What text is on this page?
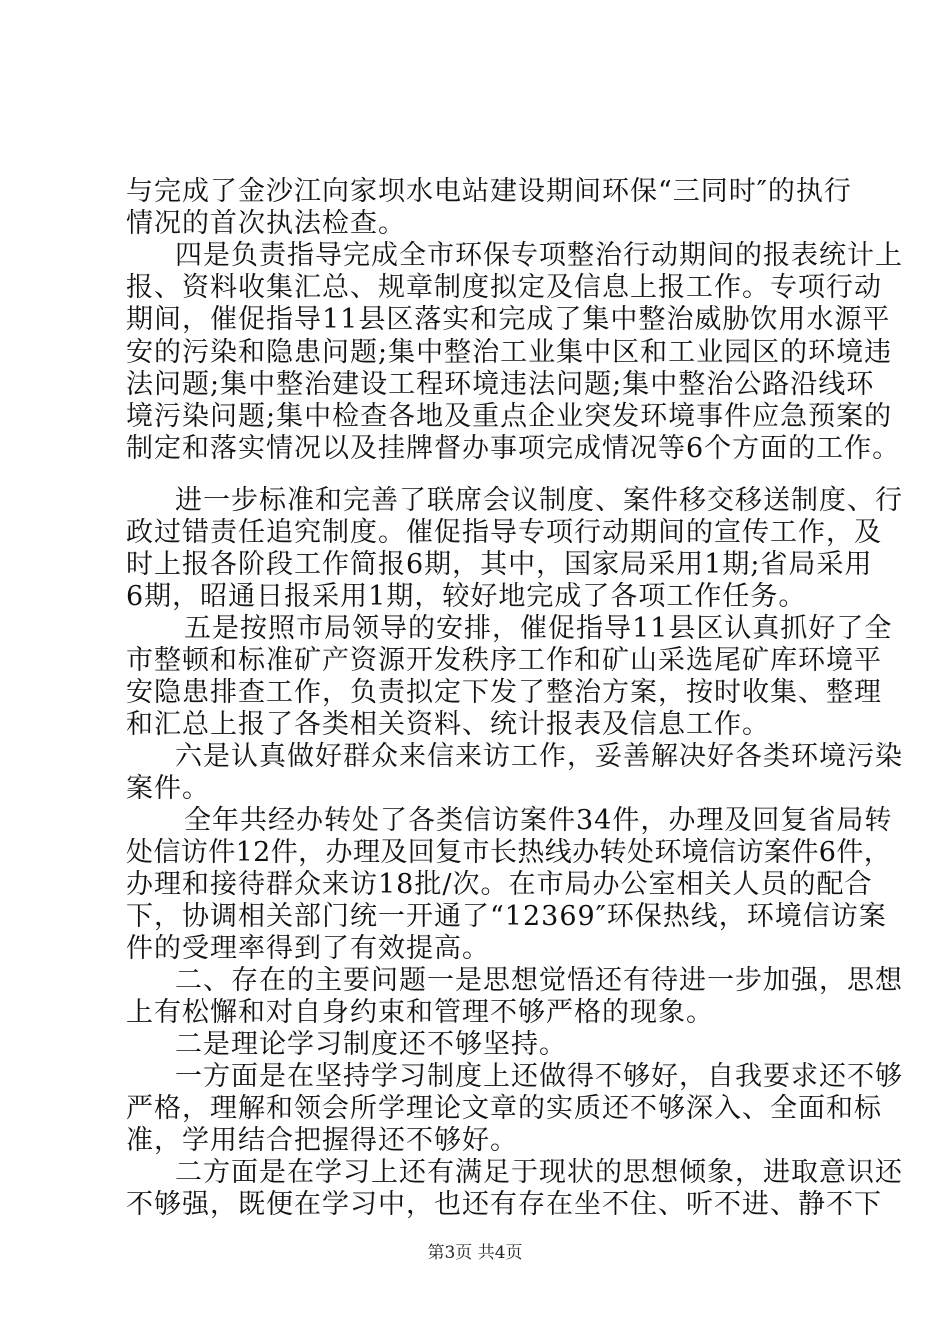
与完成了金沙江向家坝水电站建设期间环保“三同时″的执行
情况的首次执法检查。
四是负责指导完成全市环保专项整治行动期间的报表统计上
报、资料收集汇总、规章制度拟定及信息上报工作。专项行动
期间，催促指导11县区落实和完成了集中整治威胁饮用水源平
安的污染和隐患问题;集中整治工业集中区和工业园区的环境违
法问题;集中整治建设工程环境违法问题;集中整治公路沿线环
境污染问题;集中检查各地及重点企业突发环境事件应急预案的
制定和落实情况以及挂牌督办事项完成情况等6个方面的工作。
进一步标准和完善了联席会议制度、案件移交移送制度、行
政过错责任追究制度。催促指导专项行动期间的宣传工作，及
时上报各阶段工作简报6期，其中，国家局采用1期;省局采用
6期，昭通日报采用1期，较好地完成了各项工作任务。
五是按照市局领导的安排，催促指导11县区认真抓好了全
市整顿和标准矿产资源开发秩序工作和矿山采选尾矿库环境平
安隐患排查工作，负责拟定下发了整治方案，按时收集、整理
和汇总上报了各类相关资料、统计报表及信息工作。
六是认真做好群众来信来访工作，妥善解决好各类环境污染
案件。
全年共经办转处了各类信访案件34件，办理及回复省局转
处信访件12件，办理及回复市长热线办转处环境信访案件6件，
办理和接待群众来访18批/次。在市局办公室相关人员的配合
下，协调相关部门统一开通了“12369″环保热线，环境信访案
件的受理率得到了有效提高。
二、存在的主要问题一是思想觉悟还有待进一步加强，思想
上有松懈和对自身约束和管理不够严格的现象。
二是理论学习制度还不够坚持。
一方面是在坚持学习制度上还做得不够好，自我要求还不够
严格，理解和领会所学理论文章的实质还不够深入、全面和标
准，学用结合把握得还不够好。
二方面是在学习上还有满足于现状的思想倾象，进取意识还
不够强，既便在学习中，也还有存在坐不住、听不进、静不下
第3页 共4页
